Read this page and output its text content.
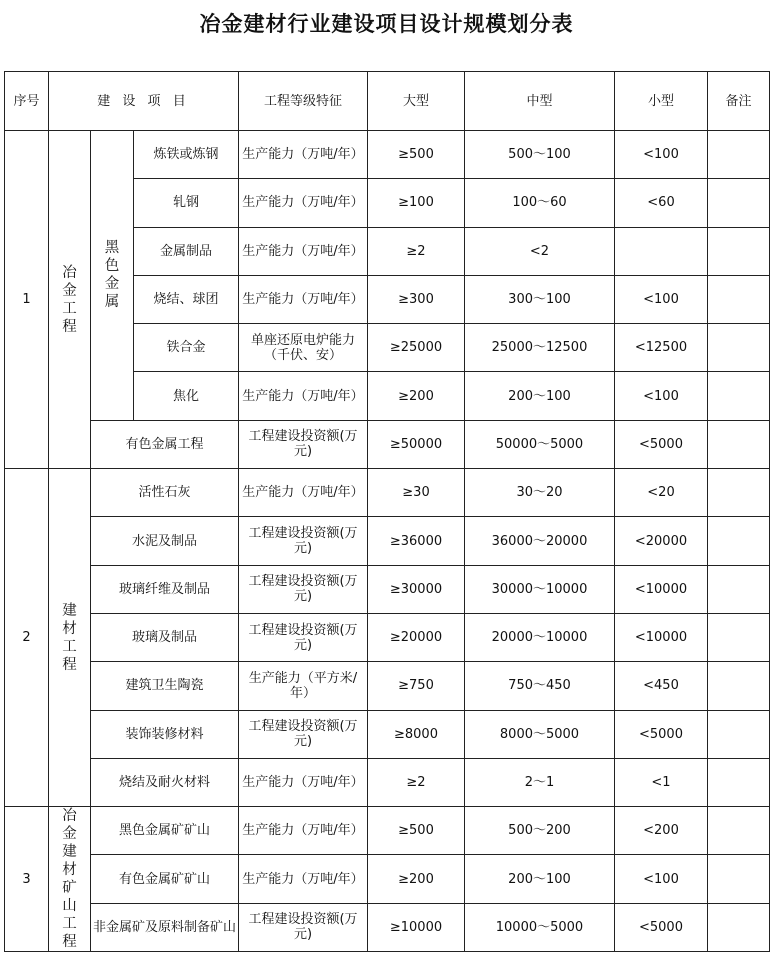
冶金建材行业建设项目设计规模划分表
序号	建 设 项 目			工程等级特征	大型	中型	小型	备注
1	冶金工程	黑色金属	炼铁或炼钢	生产能力（万吨/年）	≥500	500～100	<100	
			轧钢	生产能力（万吨/年）	≥100	100～60	<60	
			金属制品	生产能力（万吨/年）	≥2	<2		
			烧结、球团	生产能力（万吨/年）	≥300	300～100	<100	
			铁合金	单座还原电炉能力（千伏、安）	≥25000	25000～12500	<12500	
			焦化	生产能力（万吨/年）	≥200	200～100	<100	
		有色金属工程		工程建设投资额(万元)	≥50000	50000～5000	<5000	
2	建材工程	活性石灰		生产能力（万吨/年）	≥30	30～20	<20	
		水泥及制品		工程建设投资额(万元)	≥36000	36000～20000	<20000	
		玻璃纤维及制品		工程建设投资额(万元)	≥30000	30000～10000	<10000	
		玻璃及制品		工程建设投资额(万元)	≥20000	20000～10000	<10000	
		建筑卫生陶瓷		生产能力（平方米/年）	≥750	750～450	<450	
		装饰装修材料		工程建设投资额(万元)	≥8000	8000～5000	<5000	
		烧结及耐火材料		生产能力（万吨/年）	≥2	2～1	<1	
3	冶金建材矿山工程	黑色金属矿矿山		生产能力（万吨/年）	≥500	500～200	<200	
		有色金属矿矿山		生产能力（万吨/年）	≥200	200～100	<100	
		非金属矿及原料制备矿山		工程建设投资额(万元)	≥10000	10000～5000	<5000	
